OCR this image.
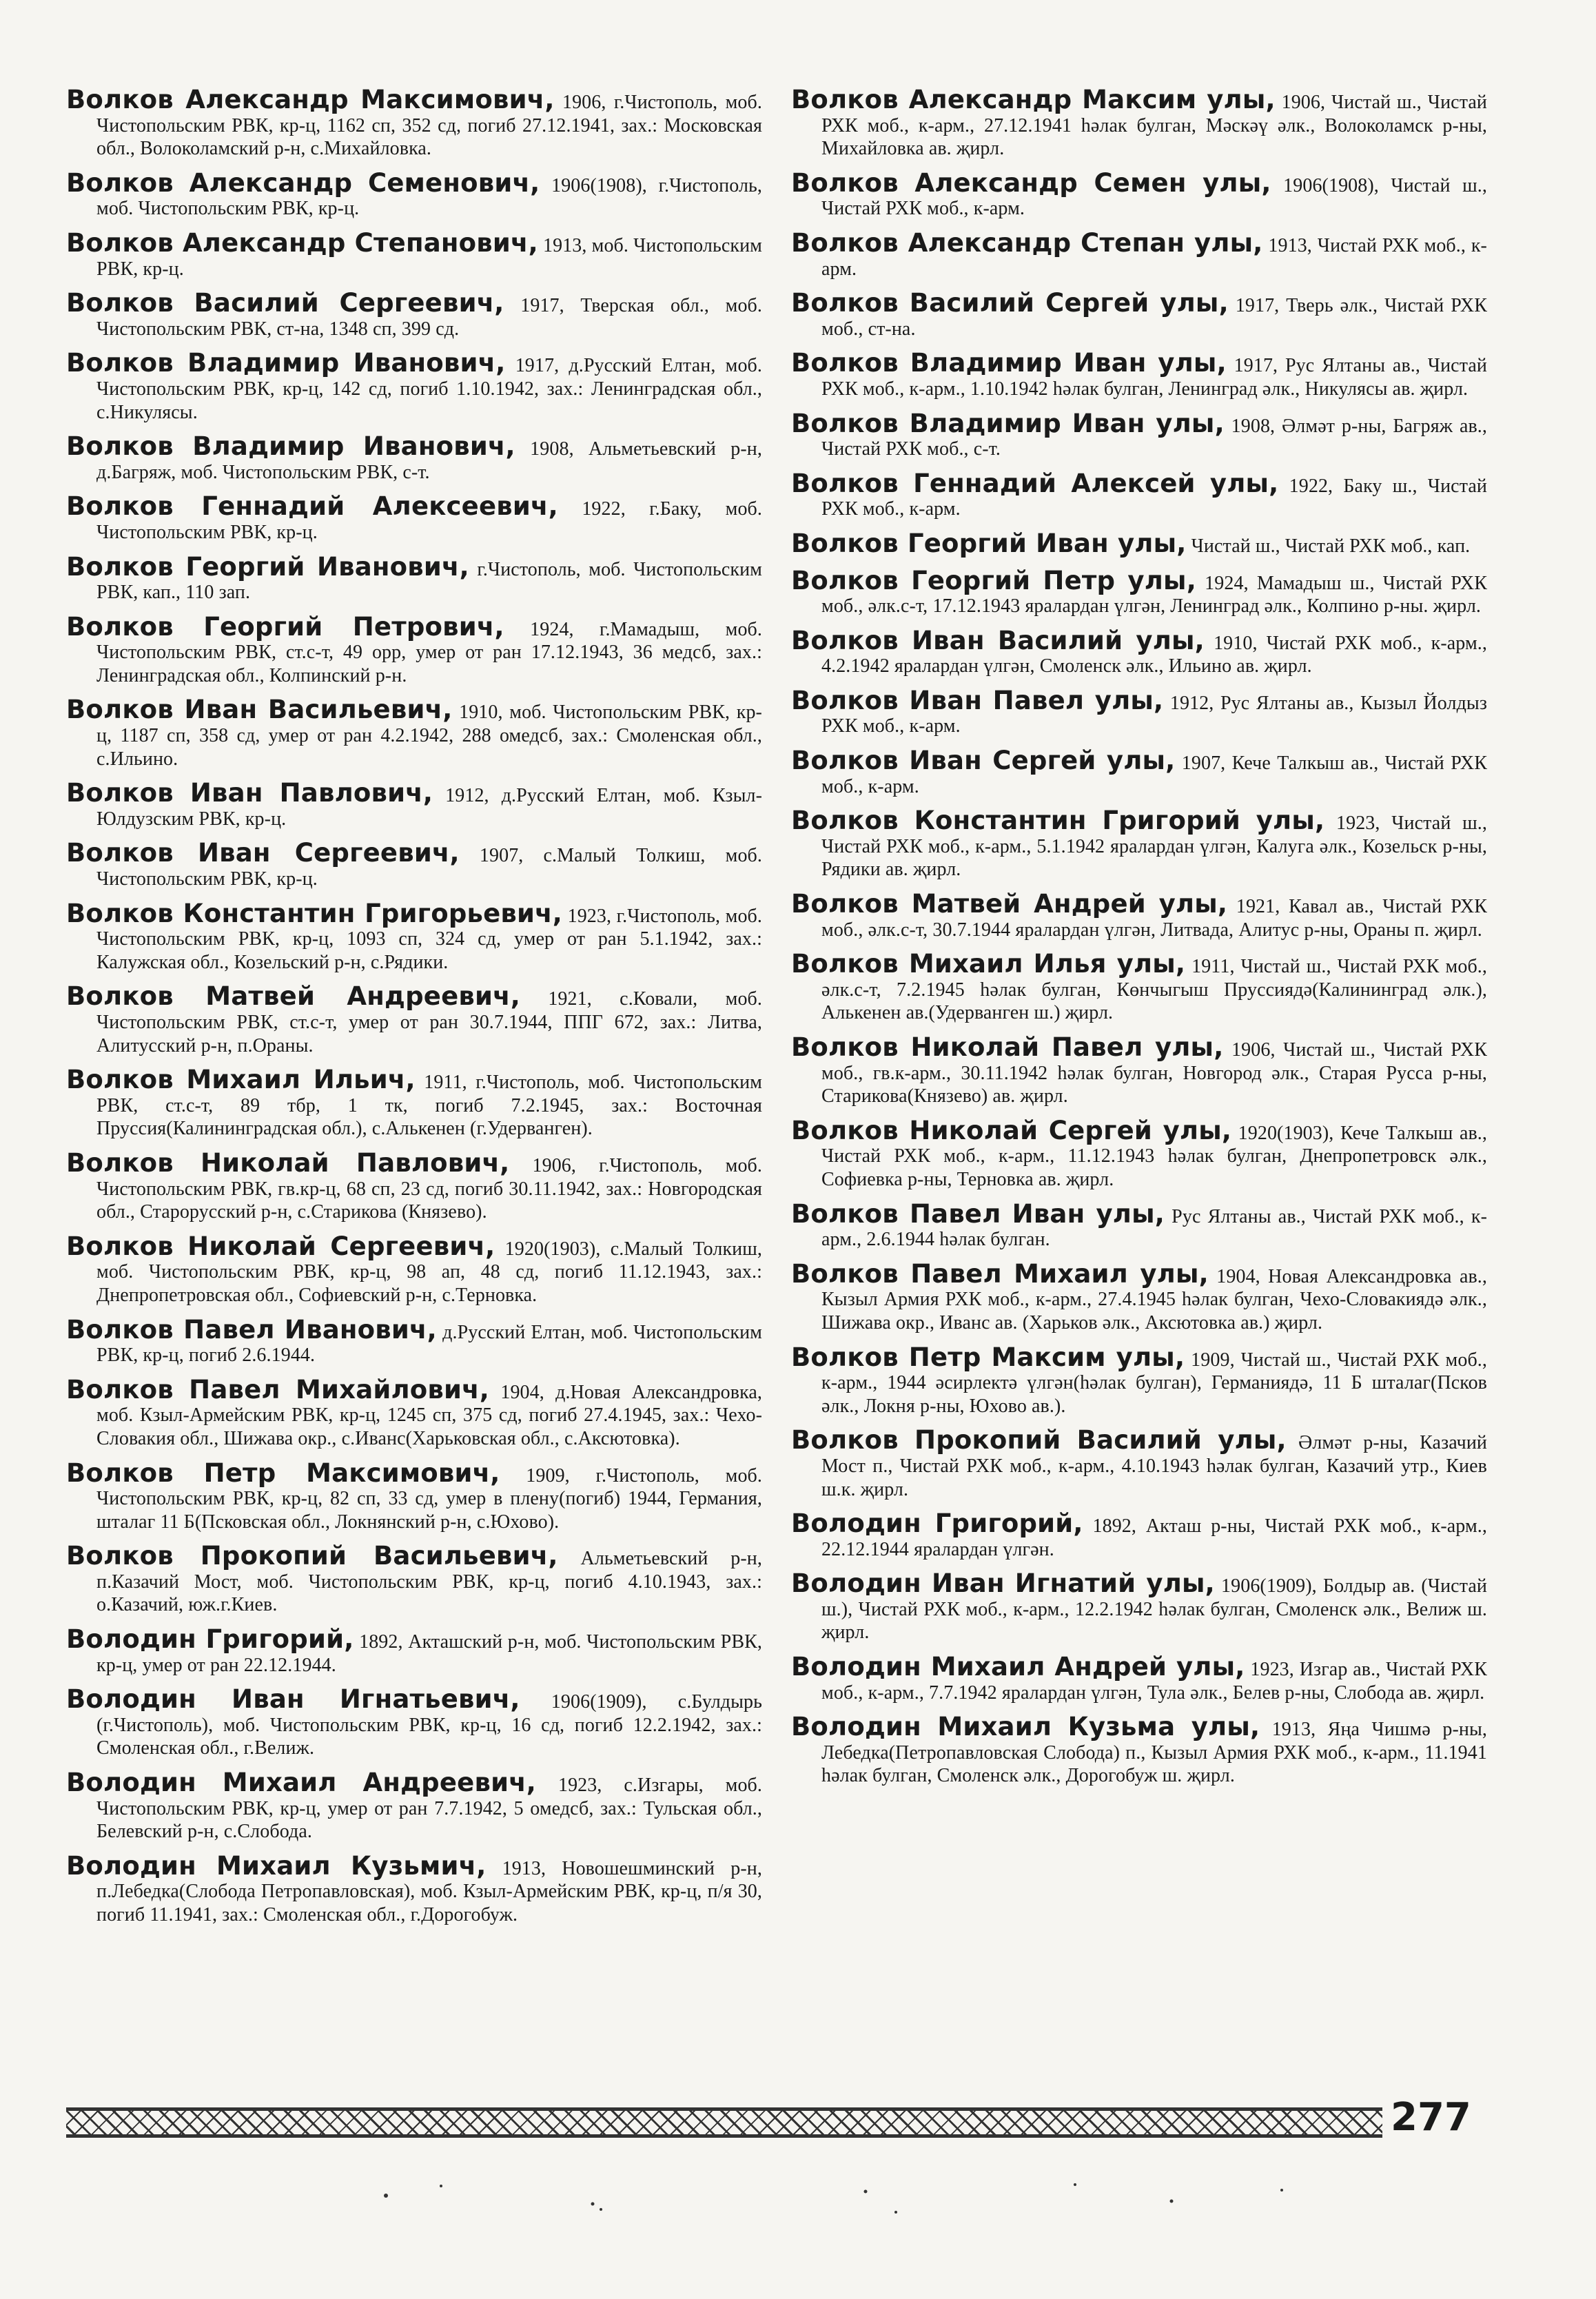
Волков Александр Максимович, 1906, г.Чистополь, моб. Чистопольским РВК, кр-ц, 1162 сп, 352 сд, погиб 27.12.1941, зах.: Московская обл., Волоколамский р-н, с.Михайловка.

Волков Александр Семенович, 1906(1908), г.Чистополь, моб. Чистопольским РВК, кр-ц.

Волков Александр Степанович, 1913, моб. Чистопольским РВК, кр-ц.

Волков Василий Сергеевич, 1917, Тверская обл., моб. Чистопольским РВК, ст-на, 1348 сп, 399 сд.

Волков Владимир Иванович, 1917, д.Русский Елтан, моб. Чистопольским РВК, кр-ц, 142 сд, погиб 1.10.1942, зах.: Ленинградская обл., с.Никулясы.

Волков Владимир Иванович, 1908, Альметьевский р-н, д.Багряж, моб. Чистопольским РВК, с-т.

Волков Геннадий Алексеевич, 1922, г.Баку, моб. Чистопольским РВК, кр-ц.

Волков Георгий Иванович, г.Чистополь, моб. Чистопольским РВК, кап., 110 зап.

Волков Георгий Петрович, 1924, г.Мамадыш, моб. Чистопольским РВК, ст.с-т, 49 орр, умер от ран 17.12.1943, 36 медсб, зах.: Ленинградская обл., Колпинский р-н.

Волков Иван Васильевич, 1910, моб. Чистопольским РВК, кр-ц, 1187 сп, 358 сд, умер от ран 4.2.1942, 288 омедсб, зах.: Смоленская обл., с.Ильино.

Волков Иван Павлович, 1912, д.Русский Елтан, моб. Кзыл-Юлдузским РВК, кр-ц.

Волков Иван Сергеевич, 1907, с.Малый Толкиш, моб. Чистопольским РВК, кр-ц.

Волков Константин Григорьевич, 1923, г.Чистополь, моб. Чистопольским РВК, кр-ц, 1093 сп, 324 сд, умер от ран 5.1.1942, зах.: Калужская обл., Козельский р-н, с.Рядики.

Волков Матвей Андреевич, 1921, с.Ковали, моб. Чистопольским РВК, ст.с-т, умер от ран 30.7.1944, ППГ 672, зах.: Литва, Алитусский р-н, п.Ораны.

Волков Михаил Ильич, 1911, г.Чистополь, моб. Чистопольским РВК, ст.с-т, 89 тбр, 1 тк, погиб 7.2.1945, зах.: Восточная Пруссия(Калининградская обл.), с.Алькенен (г.Удерванген).

Волков Николай Павлович, 1906, г.Чистополь, моб. Чистопольским РВК, гв.кр-ц, 68 сп, 23 сд, погиб 30.11.1942, зах.: Новгородская обл., Старорусский р-н, с.Старикова (Князево).

Волков Николай Сергеевич, 1920(1903), с.Малый Толкиш, моб. Чистопольским РВК, кр-ц, 98 ап, 48 сд, погиб 11.12.1943, зах.: Днепропетровская обл., Софиевский р-н, с.Терновка.

Волков Павел Иванович, д.Русский Елтан, моб. Чистопольским РВК, кр-ц, погиб 2.6.1944.

Волков Павел Михайлович, 1904, д.Новая Александровка, моб. Кзыл-Армейским РВК, кр-ц, 1245 сп, 375 сд, погиб 27.4.1945, зах.: Чехо-Словакия обл., Шижава окр., с.Иванс(Харьковская обл., с.Аксютовка).

Волков Петр Максимович, 1909, г.Чистополь, моб. Чистопольским РВК, кр-ц, 82 сп, 33 сд, умер в плену(погиб) 1944, Германия, шталаг 11 Б(Псковская обл., Локнянский р-н, с.Юхово).

Волков Прокопий Васильевич, Альметьевский р-н, п.Казачий Мост, моб. Чистопольским РВК, кр-ц, погиб 4.10.1943, зах.: о.Казачий, юж.г.Киев.

Володин Григорий, 1892, Акташский р-н, моб. Чистопольским РВК, кр-ц, умер от ран 22.12.1944.

Володин Иван Игнатьевич, 1906(1909), с.Булдырь (г.Чистополь), моб. Чистопольским РВК, кр-ц, 16 сд, погиб 12.2.1942, зах.: Смоленская обл., г.Велиж.

Володин Михаил Андреевич, 1923, с.Изгары, моб. Чистопольским РВК, кр-ц, умер от ран 7.7.1942, 5 омедсб, зах.: Тульская обл., Белевский р-н, с.Слобода.

Володин Михаил Кузьмич, 1913, Новошешминский р-н, п.Лебедка(Слобода Петропавловская), моб. Кзыл-Армейским РВК, кр-ц, п/я 30, погиб 11.1941, зах.: Смоленская обл., г.Дорогобуж.

Волков Александр Максим улы, 1906, Чистай ш., Чистай РХК моб., к-арм., 27.12.1941 һәлак булган, Мәскәү әлк., Волоколамск р-ны, Михайловка ав. җирл.

Волков Александр Семен улы, 1906(1908), Чистай ш., Чистай РХК моб., к-арм.

Волков Александр Степан улы, 1913, Чистай РХК моб., к-арм.

Волков Василий Сергей улы, 1917, Тверь әлк., Чистай РХК моб., ст-на.

Волков Владимир Иван улы, 1917, Рус Ялтаны ав., Чистай РХК моб., к-арм., 1.10.1942 һәлак булган, Ленинград әлк., Никулясы ав. җирл.

Волков Владимир Иван улы, 1908, Әлмәт р-ны, Багряж ав., Чистай РХК моб., с-т.

Волков Геннадий Алексей улы, 1922, Баку ш., Чистай РХК моб., к-арм.

Волков Георгий Иван улы, Чистай ш., Чистай РХК моб., кап.

Волков Георгий Петр улы, 1924, Мамадыш ш., Чистай РХК моб., әлк.с-т, 17.12.1943 яралардан үлгән, Ленинград әлк., Колпино р-ны. җирл.

Волков Иван Василий улы, 1910, Чистай РХК моб., к-арм., 4.2.1942 яралардан үлгән, Смоленск әлк., Ильино ав. җирл.

Волков Иван Павел улы, 1912, Рус Ялтаны ав., Кызыл Йолдыз РХК моб., к-арм.

Волков Иван Сергей улы, 1907, Кече Талкыш ав., Чистай РХК моб., к-арм.

Волков Константин Григорий улы, 1923, Чистай ш., Чистай РХК моб., к-арм., 5.1.1942 яралардан үлгән, Калуга әлк., Козельск р-ны, Рядики ав. җирл.

Волков Матвей Андрей улы, 1921, Кавал ав., Чистай РХК моб., әлк.с-т, 30.7.1944 яралардан үлгән, Литвада, Алитус р-ны, Ораны п. җирл.

Волков Михаил Илья улы, 1911, Чистай ш., Чистай РХК моб., әлк.с-т, 7.2.1945 һәлак булган, Көнчыгыш Пруссиядә(Калининград әлк.), Алькенен ав.(Удерванген ш.) җирл.

Волков Николай Павел улы, 1906, Чистай ш., Чистай РХК моб., гв.к-арм., 30.11.1942 һәлак булган, Новгород әлк., Старая Русса р-ны, Старикова(Князево) ав. җирл.

Волков Николай Сергей улы, 1920(1903), Кече Талкыш ав., Чистай РХК моб., к-арм., 11.12.1943 һәлак булган, Днепропетровск әлк., Софиевка р-ны, Терновка ав. җирл.

Волков Павел Иван улы, Рус Ялтаны ав., Чистай РХК моб., к-арм., 2.6.1944 һәлак булган.

Волков Павел Михаил улы, 1904, Новая Александровка ав., Кызыл Армия РХК моб., к-арм., 27.4.1945 һәлак булган, Чехо-Словакиядә әлк., Шижава окр., Иванс ав. (Харьков әлк., Аксютовка ав.) җирл.

Волков Петр Максим улы, 1909, Чистай ш., Чистай РХК моб., к-арм., 1944 әсирлектә үлгән(һәлак булган), Германиядә, 11 Б шталаг(Псков әлк., Локня р-ны, Юхово ав.).

Волков Прокопий Василий улы, Әлмәт р-ны, Казачий Мост п., Чистай РХК моб., к-арм., 4.10.1943 һәлак булган, Казачий утр., Киев ш.к. җирл.

Володин Григорий, 1892, Акташ р-ны, Чистай РХК моб., к-арм., 22.12.1944 яралардан үлгән.

Володин Иван Игнатий улы, 1906(1909), Болдыр ав. (Чистай ш.), Чистай РХК моб., к-арм., 12.2.1942 һәлак булган, Смоленск әлк., Велиж ш. җирл.

Володин Михаил Андрей улы, 1923, Изгар ав., Чистай РХК моб., к-арм., 7.7.1942 яралардан үлгән, Тула әлк., Белев р-ны, Слобода ав. җирл.

Володин Михаил Кузьма улы, 1913, Яңа Чишмә р-ны, Лебедка(Петропавловская Слобода) п., Кызыл Армия РХК моб., к-арм., 11.1941 һәлак булган, Смоленск әлк., Дорогобуж ш. җирл.

277
